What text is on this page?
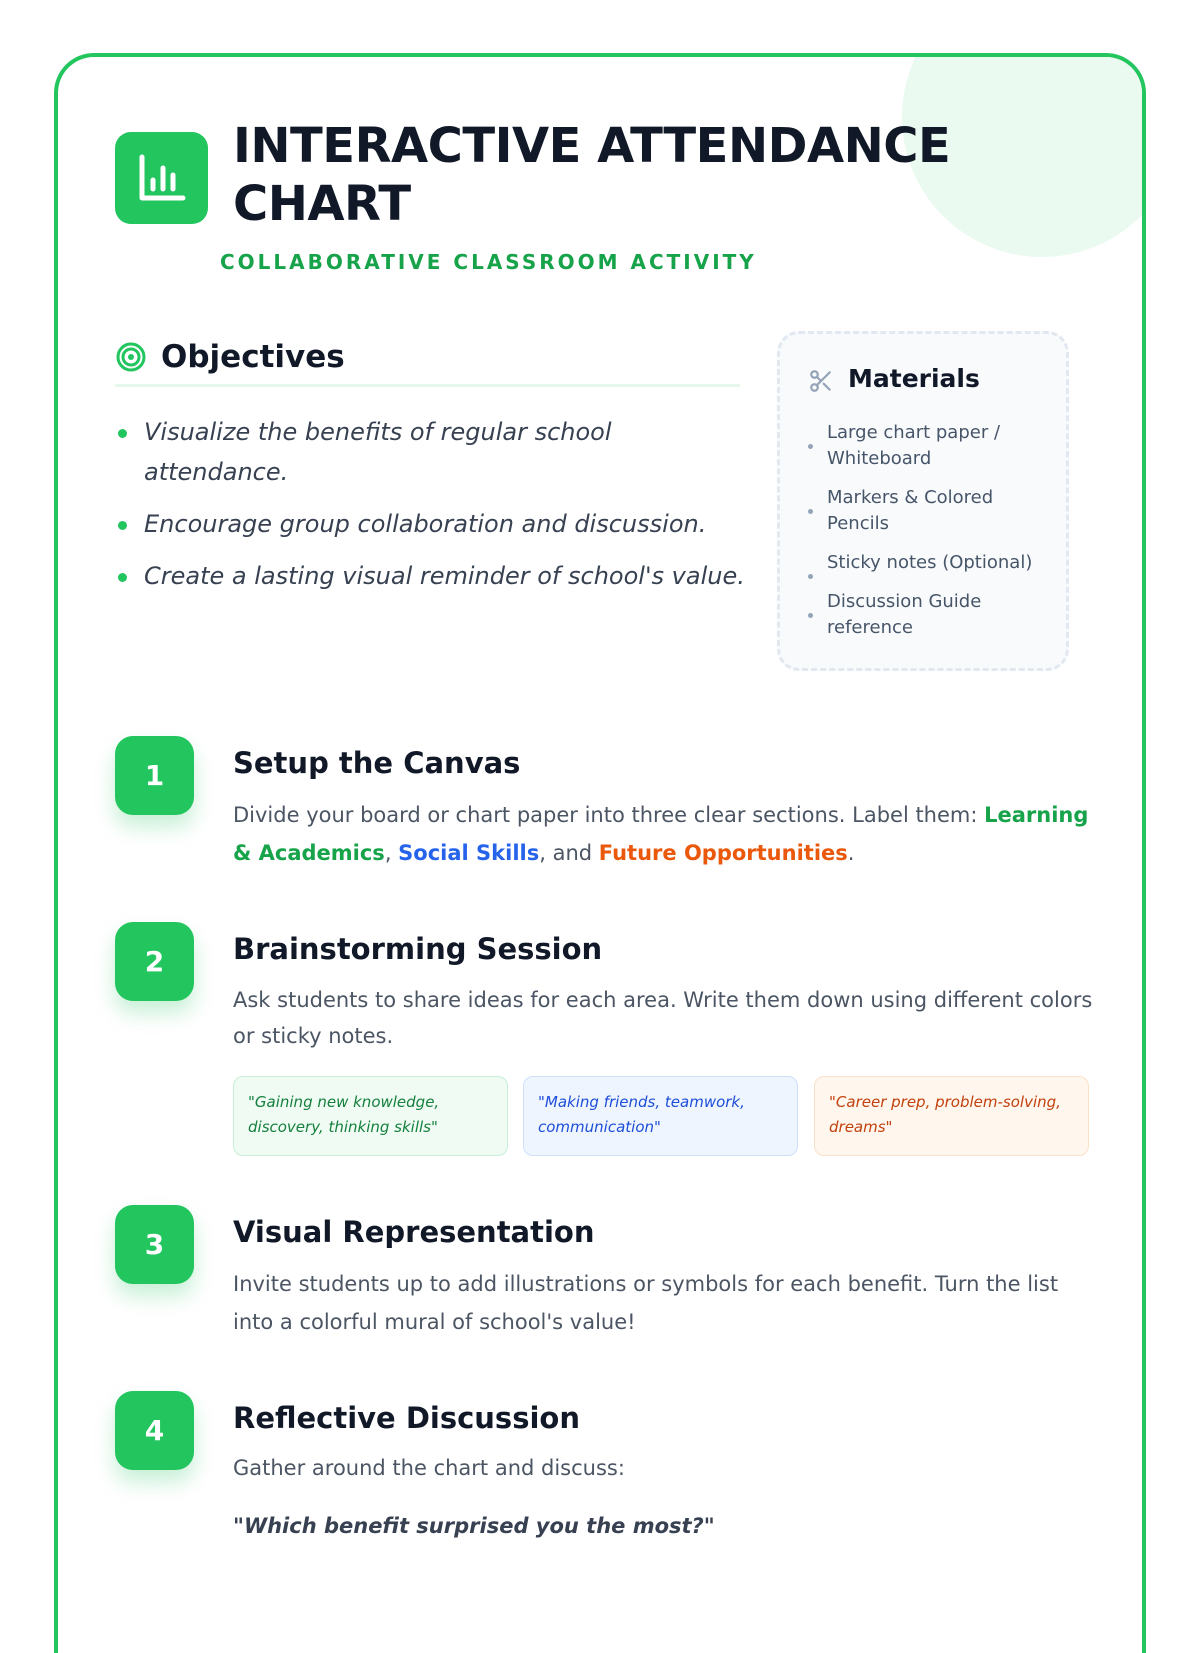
INTERACTIVE ATTENDANCE CHART
COLLABORATIVE CLASSROOM ACTIVITY
Objectives
Visualize the benefits of regular school attendance.
Encourage group collaboration and discussion.
Create a lasting visual reminder of school's value.
Materials
Large chart paper / Whiteboard
Markers & Colored Pencils
Sticky notes (Optional)
Discussion Guide reference
1	Setup the Canvas

Divide your board or chart paper into three clear sections. Label them: Learning & Academics, Social Skills, and Future Opportunities.

2	Brainstorming Session

Ask students to share ideas for each area. Write them down using different colors or sticky notes.

"Gaining new knowledge, discovery, thinking skills"
"Making friends, teamwork, communication"
"Career prep, problem-solving, dreams"
3	Visual Representation

Invite students up to add illustrations or symbols for each benefit. Turn the list into a colorful mural of school's value!

4	Reflective Discussion

Gather around the chart and discuss:

"Which benefit surprised you the most?"
